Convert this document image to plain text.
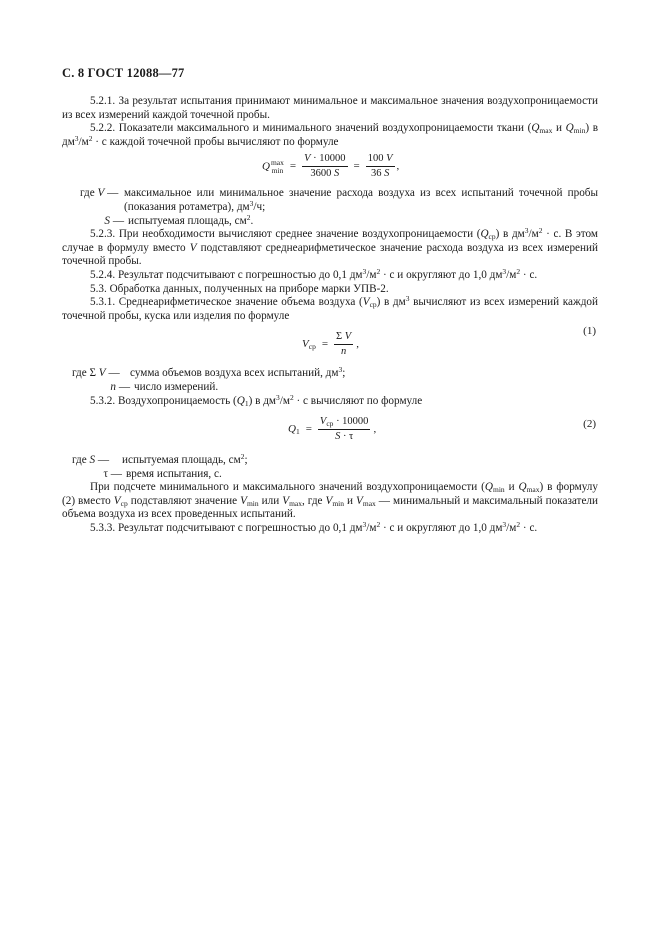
С. 8 ГОСТ 12088—77

5.2.1. За результат испытания принимают минимальное и максимальное значения воздухопроницаемости из всех измерений каждой точечной пробы.

5.2.2. Показатели максимального и минимального значений воздухопроницаемости ткани ($Q_{max}$ и $Q_{min}$) в $дм^3/м^2 \cdot с$ каждой точечной пробы вычисляют по формуле

Q max
$\min = \frac{V \cdot 10000}{3600 S} = \frac{100 V}{36 S}$ ,
где V — максимальное или минимальное значение расхода воздуха из всех испытаний точечной пробы (показания ротаметра), $дм^3/ч$;
S — испытуемая площадь, $см^2$.

5.2.3. При необходимости вычисляют среднее значение воздухопроницаемости $(Q_{ср})$ в $дм^3/м^2 \cdot с$. В этом случае в формулу вместо V подставляют среднеарифметическое значение расхода воздуха из всех измерений точечной пробы.

5.2.4. Результат подсчитывают с погрешностью до 0,1 $дм^3/м^2 \cdot с$ и округляют до 1,0 $дм^3/м^2 \cdot с$.

5.3. Обработка данных, полученных на приборе марки УПВ-2.

5.3.1. Среднеарифметическое значение объема воздуха $(V_{ср})$ в $дм^3$ вычисляют из всех измерений каждой точечной пробы, куска или изделия по формуле

$V_{ср} = \frac{\text{Σ V}}{n}$ ,
(1)
где Σ V — сумма объемов воздуха всех испытаний, $дм^3$;
n — число измерений.

5.3.2. Воздухопроницаемость $(Q_1)$ в $дм^3/м^2 \cdot с$ вычисляют по формуле

$Q_1 = \frac{V_{ср} \cdot 10000}{S \cdot \tau}$ ,	(2)
где S —	испытуемая площадь, $см^2$;
τ — время испытания, с.

При подсчете минимального и максимального значений воздухопроницаемости ($Q_{min}$ и $Q_{max}$) в формулу (2) вместо $V_{ср}$ подставляют значение $V_{min}$ или $V_{max}$, где $V_{min}$ и $V_{max}$ — минимальный и максимальный показатели объема воздуха из всех проведенных испытаний.

5.3.3. Результат подсчитывают с погрешностью до 0,1 $дм^3/м^2 \cdot с$ и округляют до 1,0 $дм^3/м^2 \cdot с$.
